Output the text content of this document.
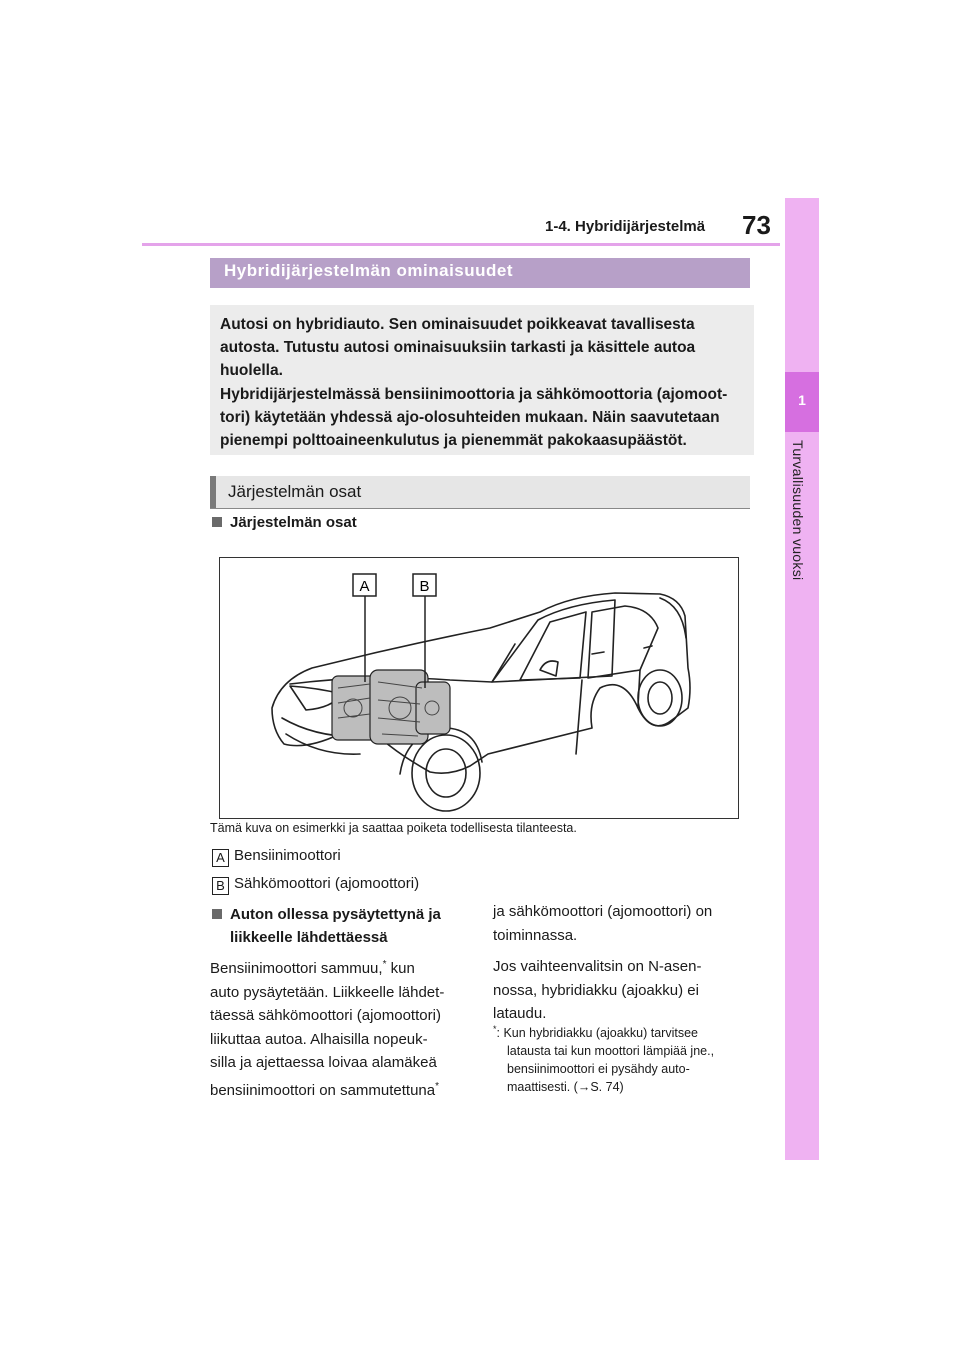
73
1-4. Hybridijärjestelmä
1
Turvallisuuden vuoksi
Hybridijärjestelmän ominaisuudet

Autosi on hybridiauto. Sen ominaisuudet poikkeavat tavallisesta

autosta. Tutustu autosi ominaisuuksiin tarkasti ja käsittele autoa

huolella.

Hybridijärjestelmässä bensiinimoottoria ja sähkömoottoria (ajomoot-

tori) käytetään yhdessä ajo-olosuhteiden mukaan. Näin saavutetaan

pienempi polttoaineenkulutus ja pienemmät pakokaasupäästöt.

Järjestelmän osat
Järjestelmän osat
A	B
Tämä kuva on esimerkki ja saattaa poiketa todellisesta tilanteesta.
A Bensiinimoottori
B Sähkömoottori (ajomoottori)
Auton ollessa pysäytettynä ja
liikkeelle lähdettäessä

Bensiinimoottori sammuu,* kun

auto pysäytetään. Liikkeelle lähdet-

täessä sähkömoottori (ajomoottori)

liikuttaa autoa. Alhaisilla nopeuk-

silla ja ajettaessa loivaa alamäkeä

bensiinimoottori on sammutettuna*

ja sähkömoottori (ajomoottori) on

toiminnassa.

Jos vaihteenvalitsin on N-asen-

nossa, hybridiakku (ajoakku) ei

lataudu.

*: Kun hybridiakku (ajoakku) tarvitsee
latausta tai kun moottori lämpiää jne.,
bensiinimoottori ei pysähdy auto-
maattisesti. (→S. 74)
